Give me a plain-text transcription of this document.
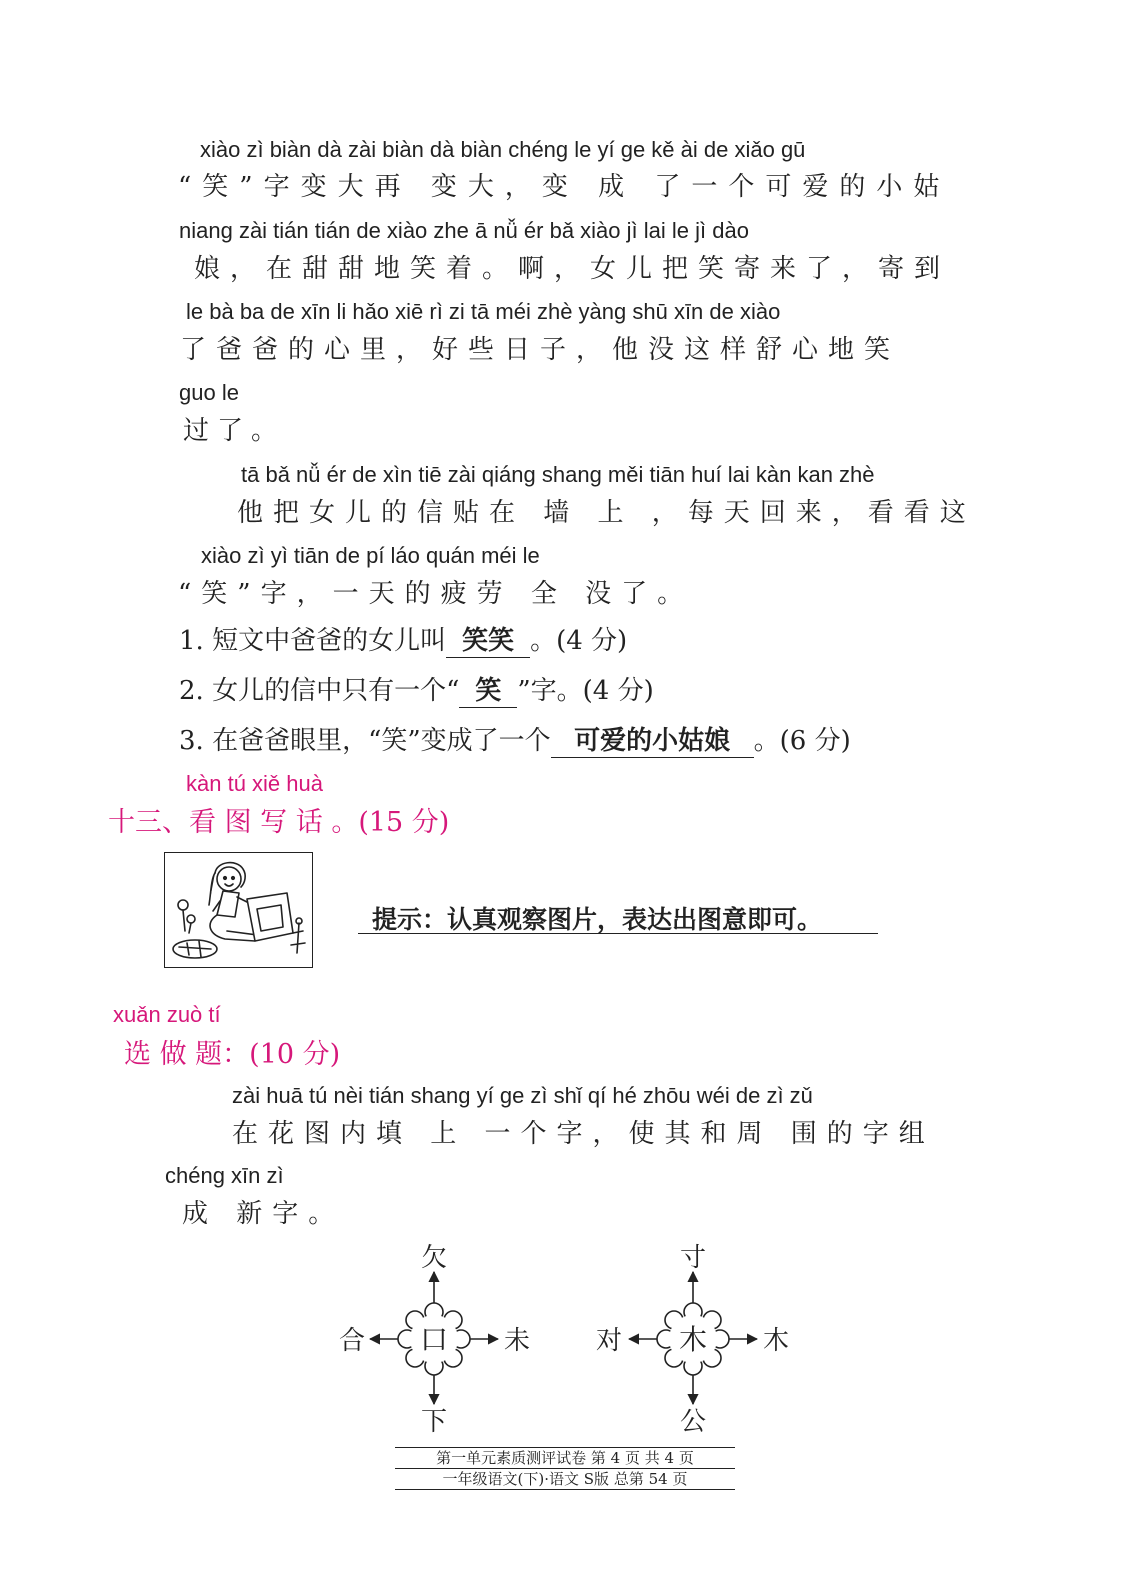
xiào zì biàn dà zài biàn dà biàn chéng le yí ge kě ài de xiǎo gū
“笑”字变大再 变大，变 成 了一个可爱的小姑
niang zài tián tián de xiào zhe ā nǚ ér bǎ xiào jì lai le jì dào
娘，在甜甜地笑着。啊，女儿把笑寄来了，寄到
le bà ba de xīn li hǎo xiē rì zi tā méi zhè yàng shū xīn de xiào
了爸爸的心里，好些日子，他没这样舒心地笑
guo le
过了。
tā bǎ nǚ ér de xìn tiē zài qiáng shang měi tiān huí lai kàn kan zhè
他把女儿的信贴在 墙 上 ，每天回来，看看这
xiào zì yì tiān de pí láo quán méi le
“笑”字，一天的疲劳 全 没了。
1. 短文中爸爸的女儿叫 笑笑 。(4 分)
2. 女儿的信中只有一个“ 笑 ”字。(4 分)
3. 在爸爸眼里，“笑”变成了一个 可爱的小姑娘 。(6 分)
kàn tú xiě huà
十三、看 图 写 话 。(15 分)
提示：认真观察图片，表达出图意即可。
xuǎn zuò tí
选 做 题：(10 分)
zài huā tú nèi tián shang yí ge zì shǐ qí hé zhōu wéi de zì zǔ
在花图内填 上 一个字，使其和周 围的字组
chéng xīn zì
成 新字。
口
欠
合	未
下
木
寸
对	木
公
第一单元素质测评试卷 第 4 页 共 4 页
一年级语文(下)·语文 S版 总第 54 页
